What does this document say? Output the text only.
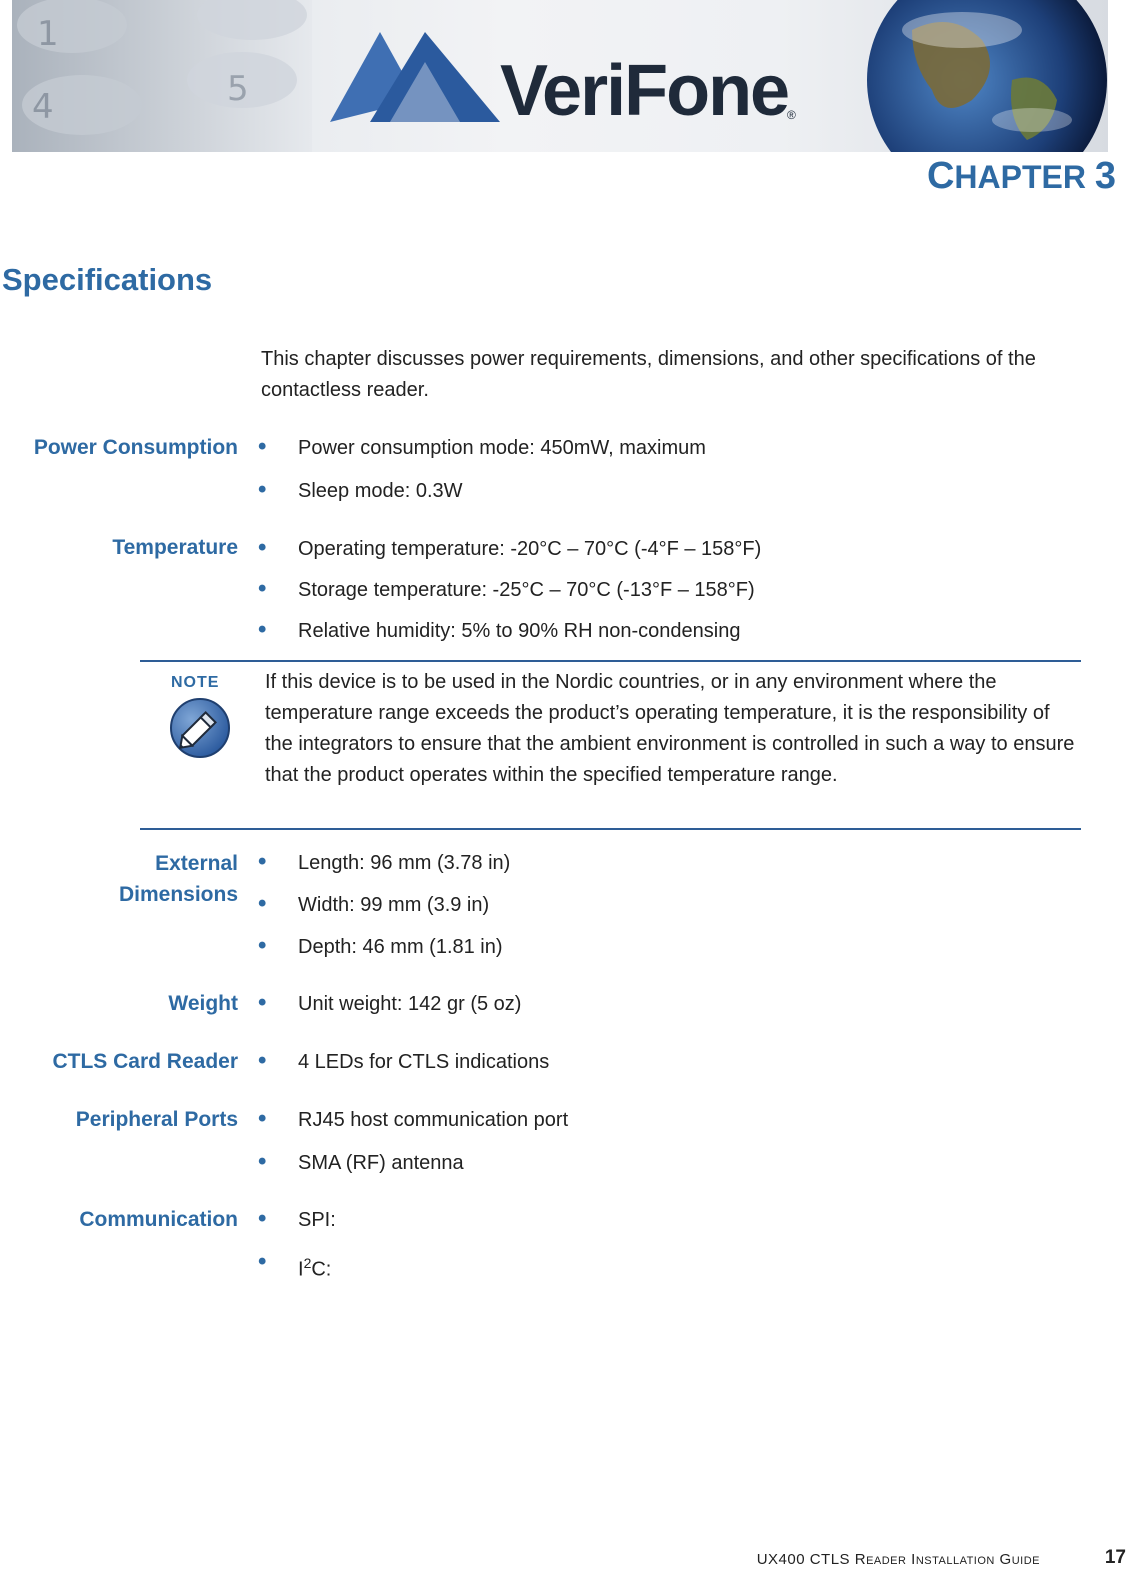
1
4	5	VeriFone
®
CHAPTER 3
Specifications
This chapter discusses power requirements, dimensions, and other specifications of the contactless reader.
Power Consumption • Power consumption mode: 450mW, maximum
• Sleep mode: 0.3W
Temperature • Operating temperature: -20°C – 70°C (-4°F – 158°F)
• Storage temperature: -25°C – 70°C (-13°F – 158°F)
• Relative humidity: 5% to 90% RH non-condensing
NOTE If this device is to be used in the Nordic countries, or in any environment where the temperature range exceeds the product’s operating temperature, it is the responsibility of the integrators to ensure that the ambient environment is controlled in such a way to ensure that the product operates within the specified temperature range.
External
Dimensions
• Length: 96 mm (3.78 in)
• Width: 99 mm (3.9 in)
• Depth: 46 mm (1.81 in)
Weight • Unit weight: 142 gr (5 oz)
CTLS Card Reader • 4 LEDs for CTLS indications
Peripheral Ports • RJ45 host communication port
• SMA (RF) antenna
Communication • SPI:
• $I^2C$:
UX400 CTLS READER INSTALLATION GUIDE	17
